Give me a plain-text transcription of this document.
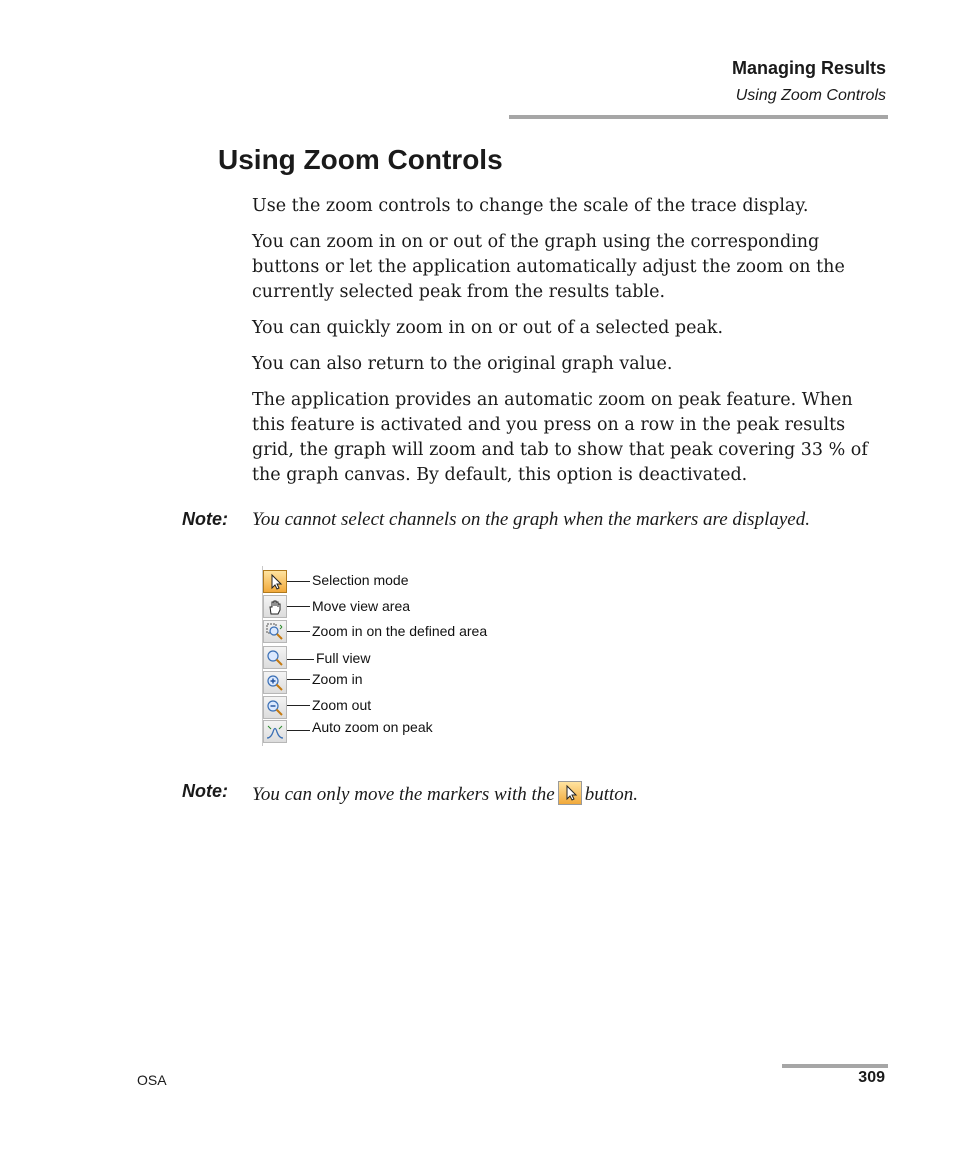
Managing Results
Using Zoom Controls
Using Zoom Controls

Use the zoom controls to change the scale of the trace display.

You can zoom in on or out of the graph using the corresponding buttons or let the application automatically adjust the zoom on the currently selected peak from the results table.

You can quickly zoom in on or out of a selected peak.

You can also return to the original graph value.

The application provides an automatic zoom on peak feature. When this feature is activated and you press on a row in the peak results grid, the graph will zoom and tab to show that peak covering 33 % of the graph canvas. By default, this option is deactivated.

Note: You cannot select channels on the graph when the markers are displayed.
Selection mode
Move view area
Zoom in on the defined area
Full view
Zoom in
Zoom out
Auto zoom on peak
Note: You can only move the markers with the button.
OSA	309
